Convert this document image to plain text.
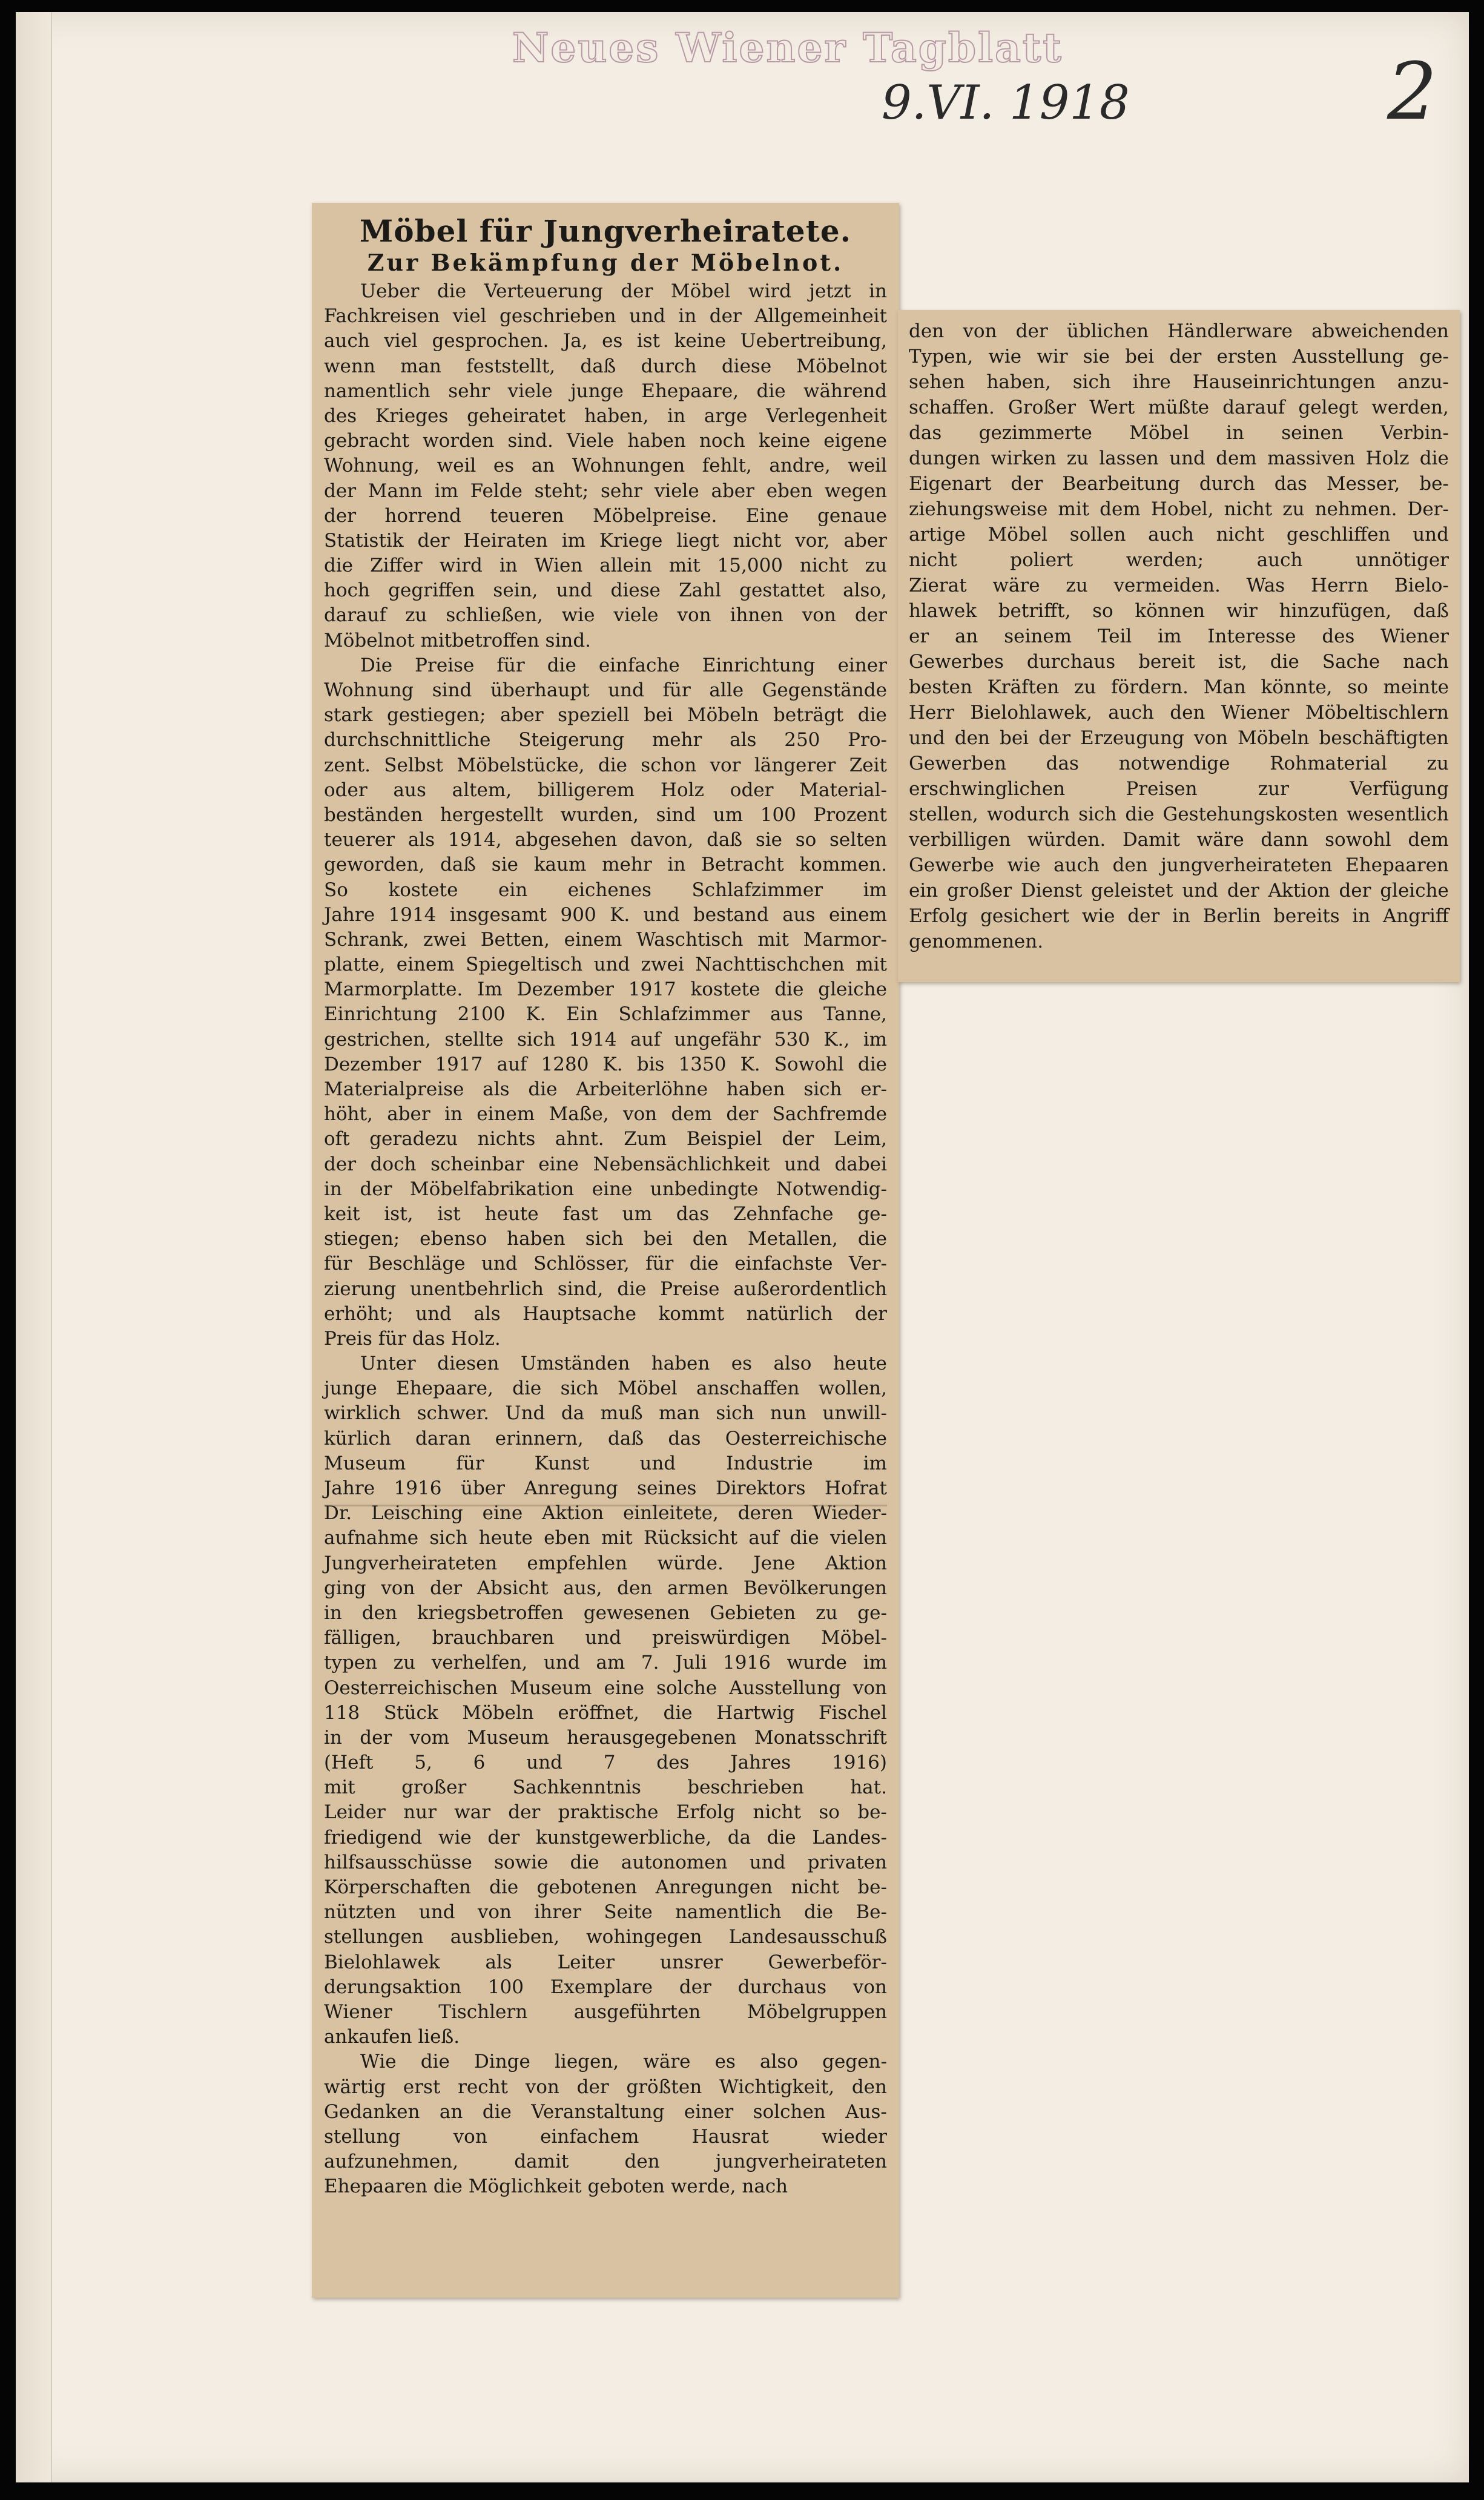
Neues Wiener Tagblatt
9.VI. 1918	2
Möbel für Jungverheiratete.
Zur Bekämpfung der Möbelnot.
Ueber die Verteuerung der Möbel wird jetzt in
Fachkreisen viel geschrieben und in der Allgemeinheit
auch viel gesprochen. Ja, es ist keine Uebertreibung,
wenn man feststellt, daß durch diese Möbelnot
namentlich sehr viele junge Ehepaare, die während
des Krieges geheiratet haben, in arge Verlegenheit
gebracht worden sind. Viele haben noch keine eigene
Wohnung, weil es an Wohnungen fehlt, andre, weil
der Mann im Felde steht; sehr viele aber eben wegen
der horrend teueren Möbelpreise. Eine genaue
Statistik der Heiraten im Kriege liegt nicht vor, aber
die Ziffer wird in Wien allein mit 15,000 nicht zu
hoch gegriffen sein, und diese Zahl gestattet also,
darauf zu schließen, wie viele von ihnen von der
Möbelnot mitbetroffen sind.
Die Preise für die einfache Einrichtung einer
Wohnung sind überhaupt und für alle Gegenstände
stark gestiegen; aber speziell bei Möbeln beträgt die
durchschnittliche Steigerung mehr als 250 Pro-
zent. Selbst Möbelstücke, die schon vor längerer Zeit
oder aus altem, billigerem Holz oder Material-
beständen hergestellt wurden, sind um 100 Prozent
teuerer als 1914, abgesehen davon, daß sie so selten
geworden, daß sie kaum mehr in Betracht kommen.
So kostete ein eichenes Schlafzimmer im
Jahre 1914 insgesamt 900 K. und bestand aus einem
Schrank, zwei Betten, einem Waschtisch mit Marmor-
platte, einem Spiegeltisch und zwei Nachttischchen mit
Marmorplatte. Im Dezember 1917 kostete die gleiche
Einrichtung 2100 K. Ein Schlafzimmer aus Tanne,
gestrichen, stellte sich 1914 auf ungefähr 530 K., im
Dezember 1917 auf 1280 K. bis 1350 K. Sowohl die
Materialpreise als die Arbeiterlöhne haben sich er-
höht, aber in einem Maße, von dem der Sachfremde
oft geradezu nichts ahnt. Zum Beispiel der Leim,
der doch scheinbar eine Nebensächlichkeit und dabei
in der Möbelfabrikation eine unbedingte Notwendig-
keit ist, ist heute fast um das Zehnfache ge-
stiegen; ebenso haben sich bei den Metallen, die
für Beschläge und Schlösser, für die einfachste Ver-
zierung unentbehrlich sind, die Preise außerordentlich
erhöht; und als Hauptsache kommt natürlich der
Preis für das Holz.
Unter diesen Umständen haben es also heute
junge Ehepaare, die sich Möbel anschaffen wollen,
wirklich schwer. Und da muß man sich nun unwill-
kürlich daran erinnern, daß das Oesterreichische
Museum	für	Kunst	und	Industrie	im
Jahre 1916 über Anregung seines Direktors Hofrat
Dr. Leisching eine Aktion einleitete, deren Wieder-
aufnahme sich heute eben mit Rücksicht auf die vielen
Jungverheirateten empfehlen würde. Jene Aktion
ging von der Absicht aus, den armen Bevölkerungen
in den kriegsbetroffen gewesenen Gebieten zu ge-
fälligen, brauchbaren und preiswürdigen Möbel-
typen zu verhelfen, und am 7. Juli 1916 wurde im
Oesterreichischen Museum eine solche Ausstellung von
118 Stück Möbeln eröffnet, die Hartwig Fischel
in der vom Museum herausgegebenen Monatsschrift
(Heft 5, 6 und 7 des Jahres 1916)
mit großer Sachkenntnis beschrieben hat.
Leider nur war der praktische Erfolg nicht so be-
friedigend wie der kunstgewerbliche, da die Landes-
hilfsausschüsse sowie die autonomen und privaten
Körperschaften die gebotenen Anregungen nicht be-
nützten und von ihrer Seite namentlich die Be-
stellungen ausblieben, wohingegen Landesausschuß
Bielohlawek als Leiter unsrer Gewerbeför-
derungsaktion 100 Exemplare der durchaus von
Wiener Tischlern ausgeführten Möbelgruppen
ankaufen ließ.
Wie die Dinge liegen, wäre es also gegen-
wärtig erst recht von der größten Wichtigkeit, den
Gedanken an die Veranstaltung einer solchen Aus-
stellung	von	einfachem	Hausrat	wieder
aufzunehmen,	damit	den	jungverheirateten
Ehepaaren die Möglichkeit geboten werde, nach
den von der üblichen Händlerware abweichenden
Typen, wie wir sie bei der ersten Ausstellung ge-
sehen haben, sich ihre Hauseinrichtungen anzu-
schaffen. Großer Wert müßte darauf gelegt werden,
das gezimmerte Möbel in seinen Verbin-
dungen wirken zu lassen und dem massiven Holz die
Eigenart der Bearbeitung durch das Messer, be-
ziehungsweise mit dem Hobel, nicht zu nehmen. Der-
artige Möbel sollen auch nicht geschliffen und
nicht	poliert	werden;	auch	unnötiger
Zierat wäre zu vermeiden. Was Herrn Bielo-
hlawek betrifft, so können wir hinzufügen, daß
er an seinem Teil im Interesse des Wiener
Gewerbes durchaus bereit ist, die Sache nach
besten Kräften zu fördern. Man könnte, so meinte
Herr Bielohlawek, auch den Wiener Möbeltischlern
und den bei der Erzeugung von Möbeln beschäftigten
Gewerben das notwendige Rohmaterial zu
erschwinglichen	Preisen	zur	Verfügung
stellen, wodurch sich die Gestehungskosten wesentlich
verbilligen würden. Damit wäre dann sowohl dem
Gewerbe wie auch den jungverheirateten Ehepaaren
ein großer Dienst geleistet und der Aktion der gleiche
Erfolg gesichert wie der in Berlin bereits in Angriff
genommenen.
